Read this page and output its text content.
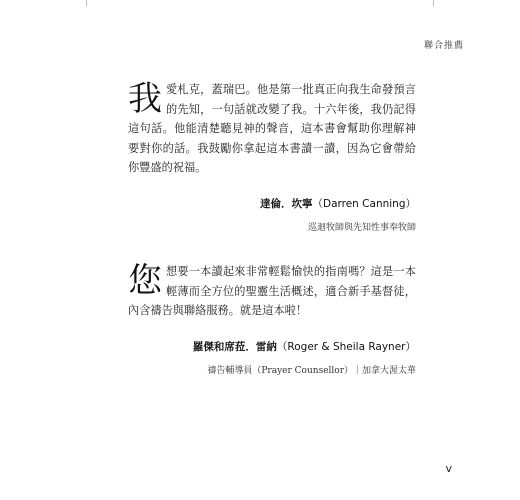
聯合推薦

我愛札克，蓋瑞巴。他是第一批真正向我生命發預言的先知，一句話就改變了我。十六年後，我仍記得這句話。他能清楚聽見神的聲音，這本書會幫助你理解神要對你的話。我鼓勵你拿起這本書讀一讀，因為它會帶給你豐盛的祝福。

達倫．坎寧（Darren Canning）
巡迴牧師與先知性事奉牧師

您想要一本讀起來非常輕鬆愉快的指南嗎？這是一本輕薄而全方位的聖靈生活概述，適合新手基督徒，內含禱告與聯絡服務。就是這本啦！

羅傑和席菈．雷納（Roger & Sheila Rayner）
禱告輔導員（Prayer Counsellor）｜加拿大渥太華
v
